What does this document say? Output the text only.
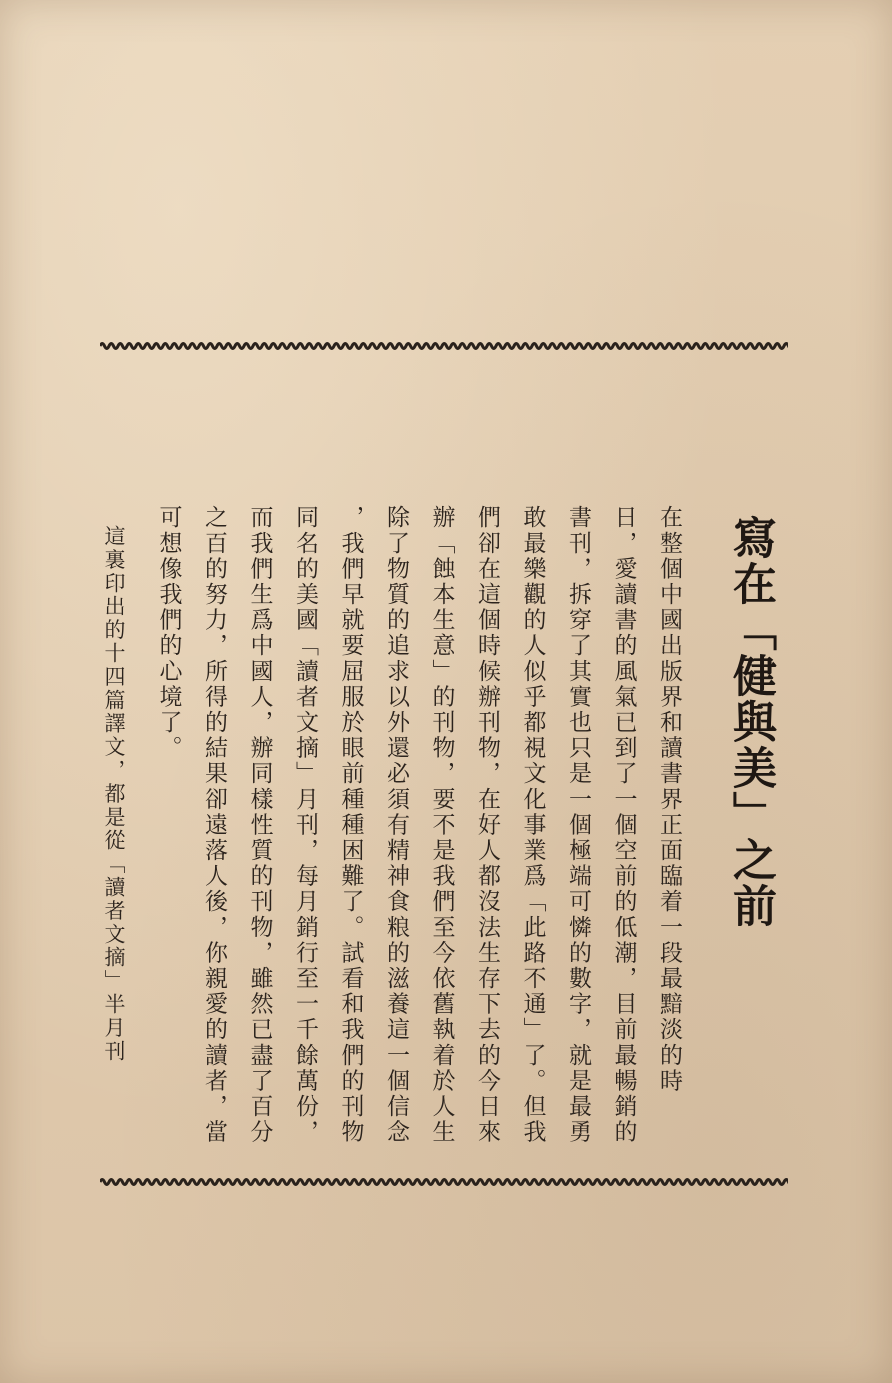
寫在「健與美」之前
在整個中國出版界和讀書界正面臨着一段最黯淡的時
日，愛讀書的風氣已到了一個空前的低潮，目前最暢銷的
書刊，拆穿了其實也只是一個極端可憐的數字，就是最勇
敢最樂觀的人似乎都視文化事業爲「此路不通」了。但我
們卻在這個時候辦刊物，在好人都沒法生存下去的今日來
辦「蝕本生意」的刊物，要不是我們至今依舊執着於人生
除了物質的追求以外還必須有精神食粮的滋養這一個信念
，我們早就要屈服於眼前種種困難了。試看和我們的刊物
同名的美國「讀者文摘」月刊，每月銷行至一千餘萬份，
而我們生爲中國人，辦同樣性質的刊物，雖然已盡了百分
之百的努力，所得的結果卻遠落人後，你親愛的讀者，當
可想像我們的心境了。
這裏印出的十四篇譯文，都是從「讀者文摘」半月刊
